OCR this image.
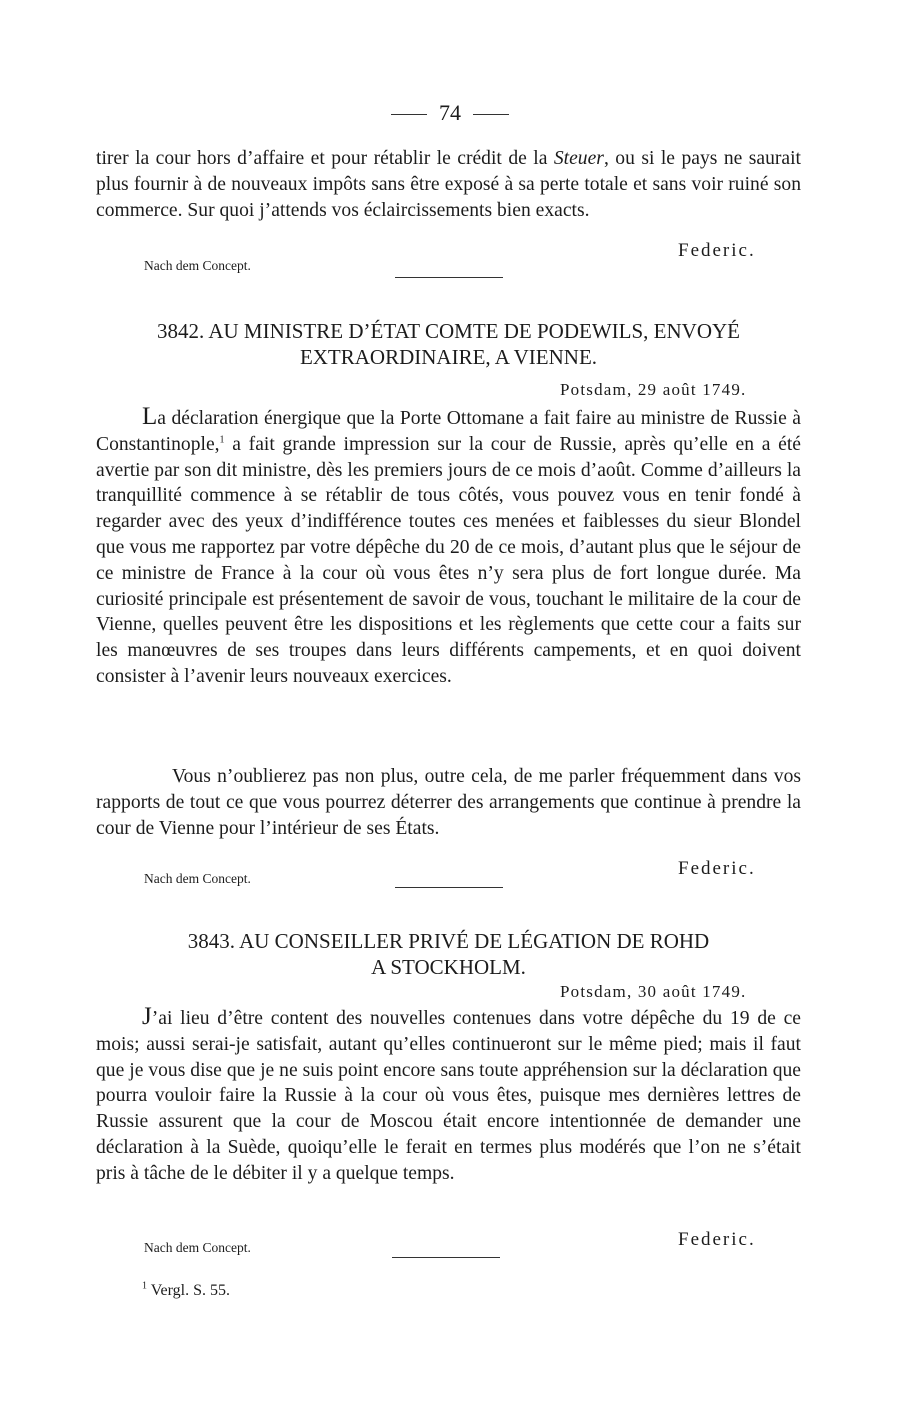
74

tirer la cour hors d’affaire et pour rétablir le crédit de la Steuer, ou si le pays ne saurait plus fournir à de nouveaux impôts sans être exposé à sa perte totale et sans voir ruiné son commerce. Sur quoi j’attends vos éclaircissements bien exacts.

Federic.
Nach dem Concept.
3842. AU MINISTRE D’ÉTAT COMTE DE PODEWILS, ENVOYÉ
EXTRAORDINAIRE, A VIENNE.
Potsdam, 29 août 1749.

La déclaration énergique que la Porte Ottomane a fait faire au ministre de Russie à Constantinople,$^1$ a fait grande impression sur la cour de Russie, après qu’elle en a été avertie par son dit ministre, dès les premiers jours de ce mois d’août. Comme d’ailleurs la tranquillité commence à se rétablir de tous côtés, vous pouvez vous en tenir fondé à regarder avec des yeux d’indifférence toutes ces menées et faiblesses du sieur Blondel que vous me rapportez par votre dépêche du 20 de ce mois, d’autant plus que le séjour de ce ministre de France à la cour où vous êtes n’y sera plus de fort longue durée. Ma curiosité principale est présentement de savoir de vous, touchant le militaire de la cour de Vienne, quelles peuvent être les dispositions et les règlements que cette cour a faits sur les manœuvres de ses troupes dans leurs différents campements, et en quoi doivent consister à l’avenir leurs nouveaux exercices.

Vous n’oublierez pas non plus, outre cela, de me parler fréquemment dans vos rapports de tout ce que vous pourrez déterrer des arrangements que continue à prendre la cour de Vienne pour l’intérieur de ses États.

Federic.
Nach dem Concept.
3843. AU CONSEILLER PRIVÉ DE LÉGATION DE ROHD
A STOCKHOLM.
Potsdam, 30 août 1749.

J’ai lieu d’être content des nouvelles contenues dans votre dépêche du 19 de ce mois; aussi serai-je satisfait, autant qu’elles continueront sur le même pied; mais il faut que je vous dise que je ne suis point encore sans toute appréhension sur la déclaration que pourra vouloir faire la Russie à la cour où vous êtes, puisque mes dernières lettres de Russie assurent que la cour de Moscou était encore intentionnée de demander une déclaration à la Suède, quoiqu’elle le ferait en termes plus modérés que l’on ne s’était pris à tâche de le débiter il y a quelque temps.

Federic.
Nach dem Concept.
$^1$ Vergl. S. 55.
